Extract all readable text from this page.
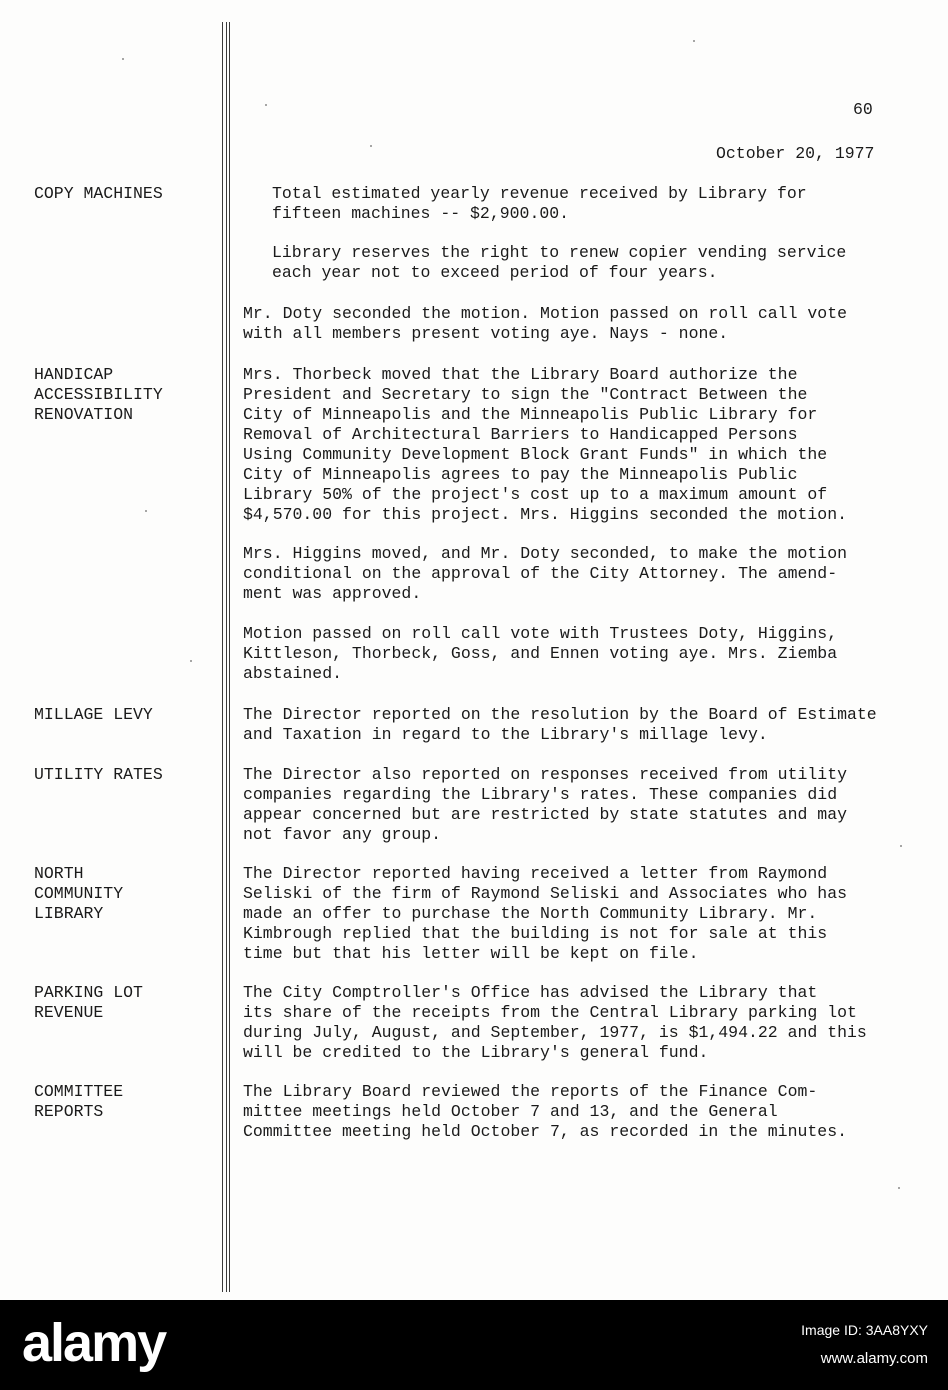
60
October 20, 1977
COPY MACHINES
HANDICAP
ACCESSIBILITY
RENOVATION
MILLAGE LEVY
UTILITY RATES
NORTH
COMMUNITY
LIBRARY
PARKING LOT
REVENUE
COMMITTEE
REPORTS
Total estimated yearly revenue received by Library for
fifteen machines -- $2,900.00.
Library reserves the right to renew copier vending service
each year not to exceed period of four years.
Mr. Doty seconded the motion. Motion passed on roll call vote
with all members present voting aye. Nays - none.
Mrs. Thorbeck moved that the Library Board authorize the
President and Secretary to sign the "Contract Between the
City of Minneapolis and the Minneapolis Public Library for
Removal of Architectural Barriers to Handicapped Persons
Using Community Development Block Grant Funds" in which the
City of Minneapolis agrees to pay the Minneapolis Public
Library 50% of the project's cost up to a maximum amount of
$4,570.00 for this project. Mrs. Higgins seconded the motion.
Mrs. Higgins moved, and Mr. Doty seconded, to make the motion
conditional on the approval of the City Attorney. The amend-
ment was approved.
Motion passed on roll call vote with Trustees Doty, Higgins,
Kittleson, Thorbeck, Goss, and Ennen voting aye. Mrs. Ziemba
abstained.
The Director reported on the resolution by the Board of Estimate
and Taxation in regard to the Library's millage levy.
The Director also reported on responses received from utility
companies regarding the Library's rates. These companies did
appear concerned but are restricted by state statutes and may
not favor any group.
The Director reported having received a letter from Raymond
Seliski of the firm of Raymond Seliski and Associates who has
made an offer to purchase the North Community Library. Mr.
Kimbrough replied that the building is not for sale at this
time but that his letter will be kept on file.
The City Comptroller's Office has advised the Library that
its share of the receipts from the Central Library parking lot
during July, August, and September, 1977, is $1,494.22 and this
will be credited to the Library's general fund.
The Library Board reviewed the reports of the Finance Com-
mittee meetings held October 7 and 13, and the General
Committee meeting held October 7, as recorded in the minutes.
alamy	Image ID: 3AA8YXY
www.alamy.com
